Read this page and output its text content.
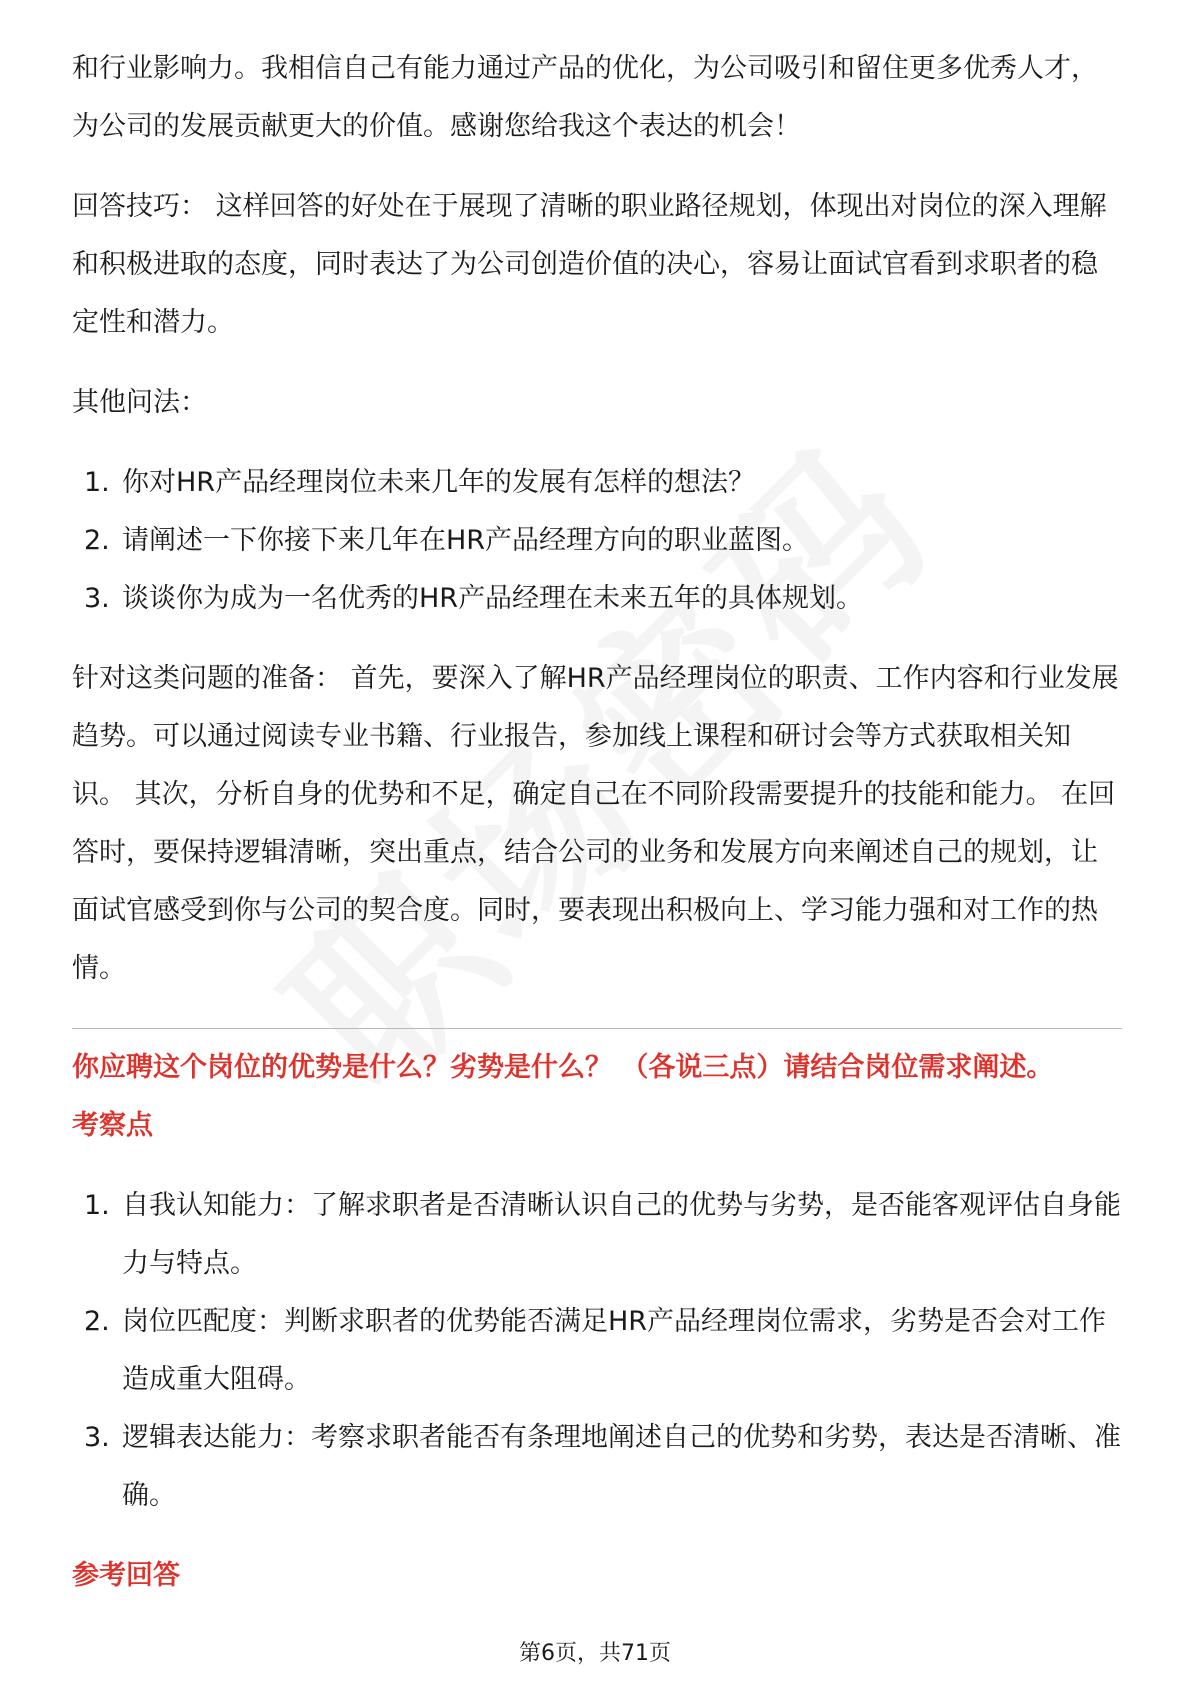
和行业影响力。我相信自己有能力通过产品的优化，为公司吸引和留住更多优秀人才，为公司的发展贡献更大的价值。感谢您给我这个表达的机会！

回答技巧： 这样回答的好处在于展现了清晰的职业路径规划，体现出对岗位的深入理解和积极进取的态度，同时表达了为公司创造价值的决心，容易让面试官看到求职者的稳定性和潜力。

其他问法：

1. 你对HR产品经理岗位未来几年的发展有怎样的想法？
2. 请阐述一下你接下来几年在HR产品经理方向的职业蓝图。
3. 谈谈你为成为一名优秀的HR产品经理在未来五年的具体规划。

针对这类问题的准备： 首先，要深入了解HR产品经理岗位的职责、工作内容和行业发展趋势。可以通过阅读专业书籍、行业报告，参加线上课程和研讨会等方式获取相关知识。 其次，分析自身的优势和不足，确定自己在不同阶段需要提升的技能和能力。 在回答时，要保持逻辑清晰，突出重点，结合公司的业务和发展方向来阐述自己的规划，让面试官感受到你与公司的契合度。同时，要表现出积极向上、学习能力强和对工作的热情。

你应聘这个岗位的优势是什么？劣势是什么？ （各说三点）请结合岗位需求阐述。

考察点

1. 自我认知能力：了解求职者是否清晰认识自己的优势与劣势，是否能客观评估自身能力与特点。
2. 岗位匹配度：判断求职者的优势能否满足HR产品经理岗位需求，劣势是否会对工作造成重大阻碍。
3. 逻辑表达能力：考察求职者能否有条理地阐述自己的优势和劣势，表达是否清晰、准确。

参考回答

第6页，共71页
